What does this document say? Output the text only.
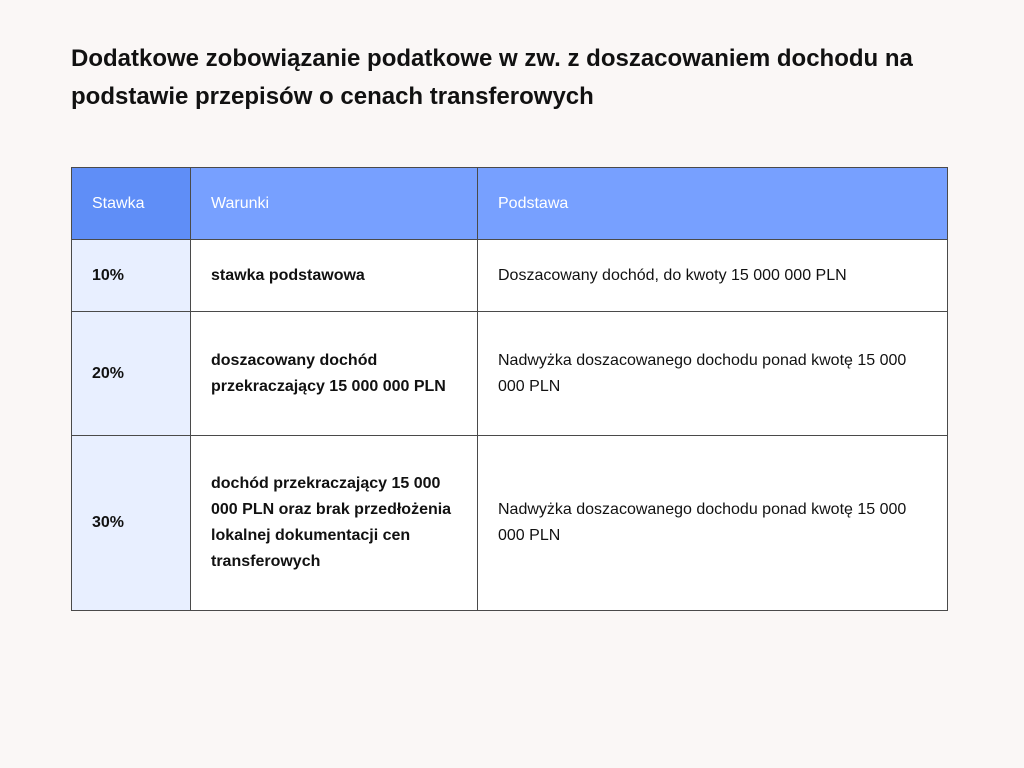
Dodatkowe zobowiązanie podatkowe w zw. z doszacowaniem dochodu na podstawie przepisów o cenach transferowych
Stawka	Warunki	Podstawa
10%	stawka podstawowa	Doszacowany dochód, do kwoty 15 000 000 PLN
20%	doszacowany dochód przekraczający 15 000 000 PLN	Nadwyżka doszacowanego dochodu ponad kwotę 15 000 000 PLN
30%	dochód przekraczający 15 000 000 PLN oraz brak przedłożenia lokalnej dokumentacji cen transferowych	Nadwyżka doszacowanego dochodu ponad kwotę 15 000 000 PLN
